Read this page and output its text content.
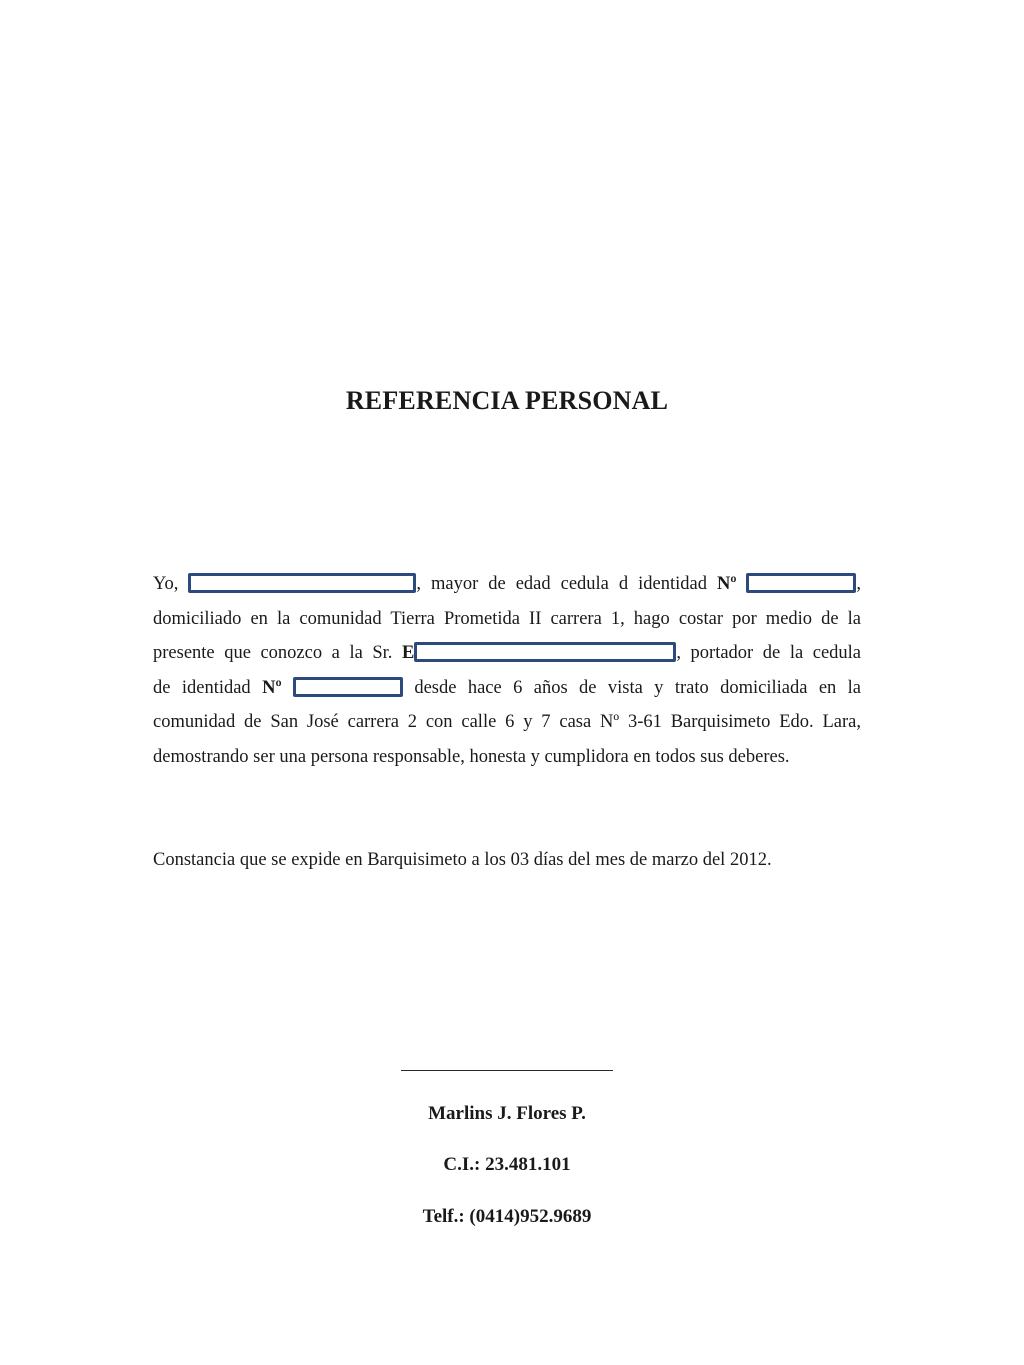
REFERENCIA PERSONAL
Yo,	, mayor de edad cedula d identidad Nº	,
domiciliado en la comunidad Tierra Prometida II carrera 1, hago costar por medio de la
presente que conozco a la Sr. E	, portador de la cedula
de identidad Nº	desde hace 6 años de vista y trato domiciliada en la
comunidad de San José carrera 2 con calle 6 y 7 casa Nº 3-61 Barquisimeto Edo. Lara,
demostrando ser una persona responsable, honesta y cumplidora en todos sus deberes.
Constancia que se expide en Barquisimeto a los 03 días del mes de marzo del 2012.
Marlins J. Flores P.
C.I.: 23.481.101
Telf.: (0414)952.9689
